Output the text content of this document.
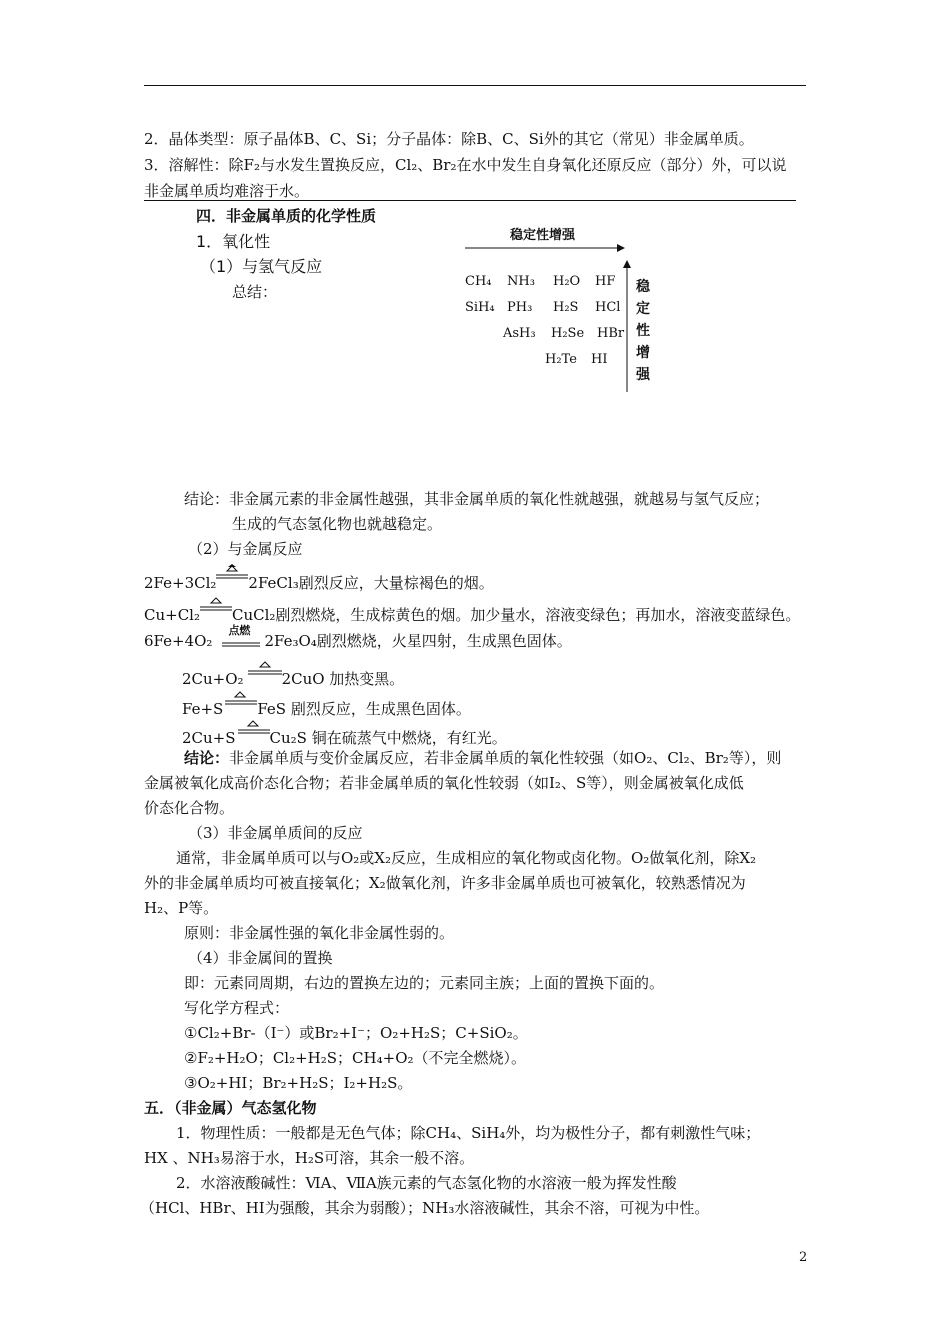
2．晶体类型：原子晶体B、C、Si；分子晶体：除B、C、Si外的其它（常见）非金属单质。
3．溶解性：除F₂与水发生置换反应，Cl₂、Br₂在水中发生自身氧化还原反应（部分）外，可以说
非金属单质均难溶于水。
四．非金属单质的化学性质
1．氧化性
（1）与氢气反应
总结：
稳定性增强
稳
定
性
增
强
CH₄ NH₃ H₂O HF
SiH₄ PH₃ H₂S HCl
AsH₃ H₂Se HBr
H₂Te HI
结论：非金属元素的非金属性越强，其非金属单质的氧化性就越强，就越易与氢气反应；
生成的气态氢化物也就越稳定。
（2）与金属反应
2Fe+3Cl₂ 2FeCl₃剧烈反应，大量棕褐色的烟。
Cu+Cl₂ CuCl₂剧烈燃烧，生成棕黄色的烟。加少量水，溶液变绿色；再加水，溶液变蓝绿色。
6Fe+4O₂
点燃
2Fe₃O₄剧烈燃烧，火星四射，生成黑色固体。
2Cu+O₂	2CuO 加热变黑。
Fe+S FeS 剧烈反应，生成黑色固体。
2Cu+S Cu₂S 铜在硫蒸气中燃烧，有红光。
结论：非金属单质与变价金属反应，若非金属单质的氧化性较强（如O₂、Cl₂、Br₂等），则
金属被氧化成高价态化合物；若非金属单质的氧化性较弱（如I₂、S等），则金属被氧化成低
价态化合物。
（3）非金属单质间的反应
通常，非金属单质可以与O₂或X₂反应，生成相应的氧化物或卤化物。O₂做氧化剂，除X₂
外的非金属单质均可被直接氧化；X₂做氧化剂，许多非金属单质也可被氧化，较熟悉情况为
H₂、P等。
原则：非金属性强的氧化非金属性弱的。
（4）非金属间的置换
即：元素同周期，右边的置换左边的；元素同主族；上面的置换下面的。
写化学方程式：
①Cl₂+Br-（I⁻）或Br₂+I⁻；O₂+H₂S；C+SiO₂。
②F₂+H₂O；Cl₂+H₂S；CH₄+O₂（不完全燃烧）。
③O₂+HI；Br₂+H₂S；I₂+H₂S。
五．（非金属）气态氢化物
1．物理性质：一般都是无色气体；除CH₄、SiH₄外，均为极性分子，都有刺激性气味；
HX 、NH₃易溶于水，H₂S可溶，其余一般不溶。
2．水溶液酸碱性：ⅥA、ⅦA族元素的气态氢化物的水溶液一般为挥发性酸
（HCl、HBr、HI为强酸，其余为弱酸）；NH₃水溶液碱性，其余不溶，可视为中性。
2
